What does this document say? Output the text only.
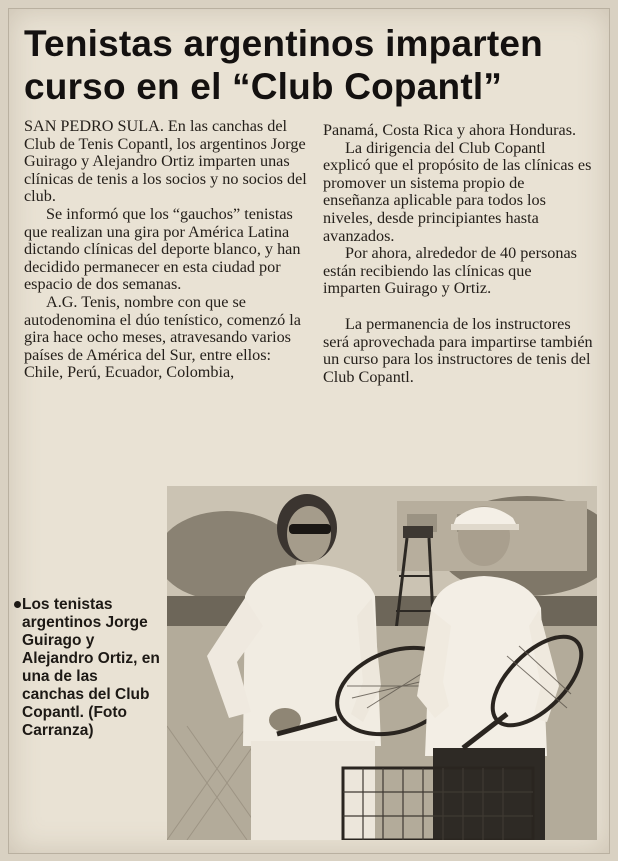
Tenistas argentinos imparten
curso en el “Club Copantl”

SAN PEDRO SULA. En las canchas del Club de Tenis Copantl, los argentinos Jorge Guirago y Alejandro Ortiz imparten unas clínicas de tenis a los socios y no socios del club.

Se informó que los “gauchos” tenistas que realizan una gira por América Latina dictando clínicas del deporte blanco, y han decidido permanecer en esta ciudad por espacio de dos semanas.

A.G. Tenis, nombre con que se autodenomina el dúo tenístico, comenzó la gira hace ocho meses, atravesando varios países de América del Sur, entre ellos: Chile, Perú, Ecuador, Colombia,

Panamá, Costa Rica y ahora Honduras.

La dirigencia del Club Copantl explicó que el propósito de las clínicas es promover un sistema propio de enseñanza aplicable para todos los niveles, desde principiantes hasta avanzados.

Por ahora, alrededor de 40 personas están recibiendo las clínicas que imparten Guirago y Ortiz.

La permanencia de los instructores será aprovechada para impartirse también un curso para los instructores de tenis del Club Copantl.

Los tenistas argentinos Jorge Guirago y Alejandro Ortiz, en una de las canchas del Club Copantl. (Foto Carranza)
